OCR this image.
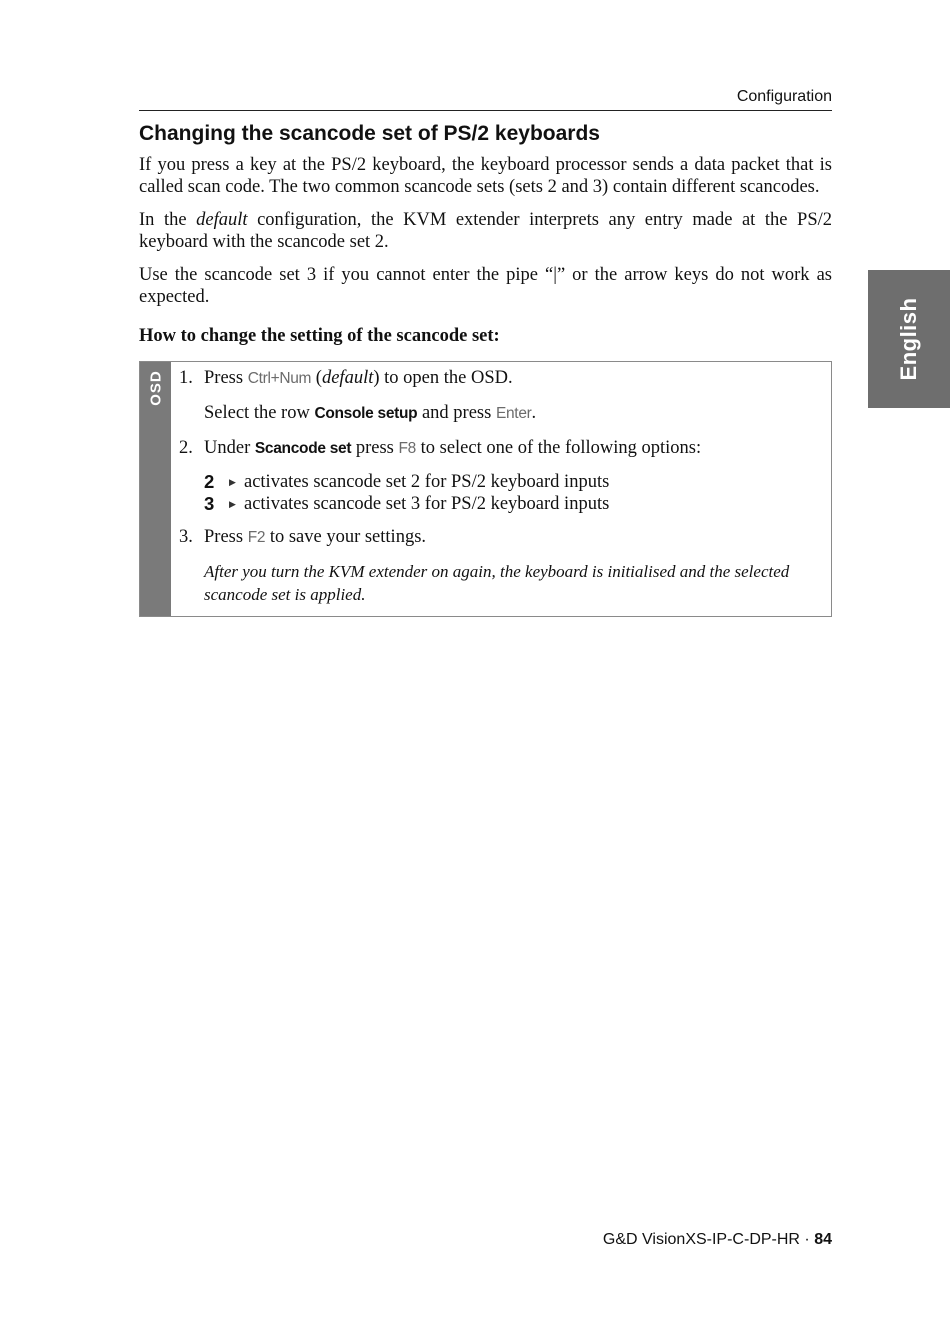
Configuration
English
Changing the scancode set of PS/2 keyboards

If you press a key at the PS/2 keyboard, the keyboard processor sends a data packet that is called scan code. The two common scancode sets (sets 2 and 3) contain different scancodes.

In the default configuration, the KVM extender interprets any entry made at the PS/2 keyboard with the scancode set 2.

Use the scancode set 3 if you cannot enter the pipe “|” or the arrow keys do not work as expected.

How to change the setting of the scancode set:

OSD 1. Press Ctrl+Num (default) to open the OSD.
Select the row Console setup and press Enter.
2. Under Scancode set press F8 to select one of the following options:
2	▶ activates scancode set 2 for PS/2 keyboard inputs
3	▶ activates scancode set 3 for PS/2 keyboard inputs
3. Press F2 to save your settings.
After you turn the KVM extender on again, the keyboard is initialised and the selected scancode set is applied.
G&D VisionXS-IP-C-DP-HR · 84
